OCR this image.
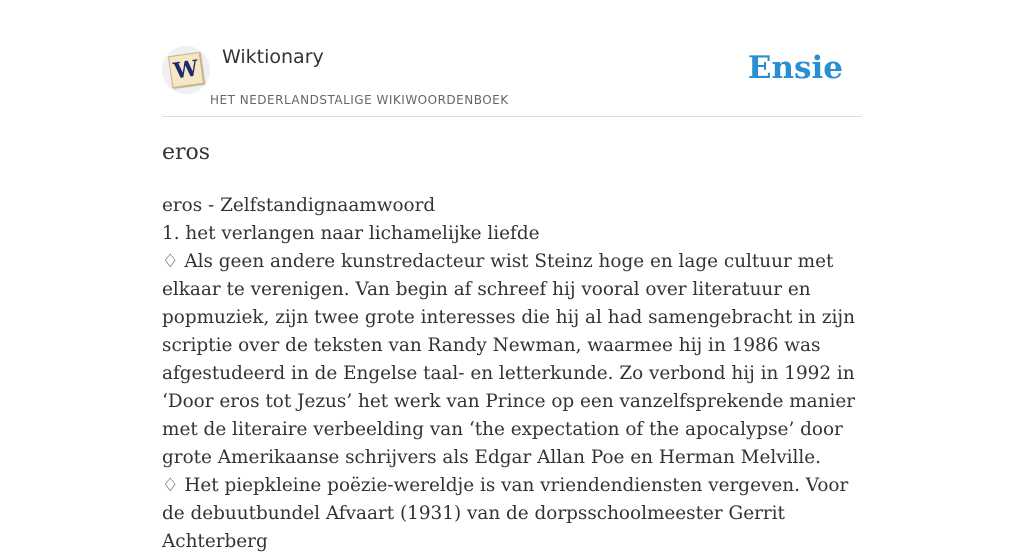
W Wiktionary
HET NEDERLANDSTALIGE WIKIWOORDENBOEK
Ensie
eros

eros - Zelfstandignaamwoord

1. het verlangen naar lichamelijke liefde

♢ Als geen andere kunstredacteur wist Steinz hoge en lage cultuur met elkaar te verenigen. Van begin af schreef hij vooral over literatuur en popmuziek, zijn twee grote interesses die hij al had samengebracht in zijn scriptie over de teksten van Randy Newman, waarmee hij in 1986 was afgestudeerd in de Engelse taal- en letterkunde. Zo verbond hij in 1992 in ‘Door eros tot Jezus’ het werk van Prince op een vanzelfsprekende manier met de literaire verbeelding van ‘the expectation of the apocalypse’ door grote Amerikaanse schrijvers als Edgar Allan Poe en Herman Melville.

♢ Het piepkleine poëzie-wereldje is van vriendendiensten vergeven. Voor de debuutbundel Afvaart (1931) van de dorpsschoolmeester Gerrit Achterberg
